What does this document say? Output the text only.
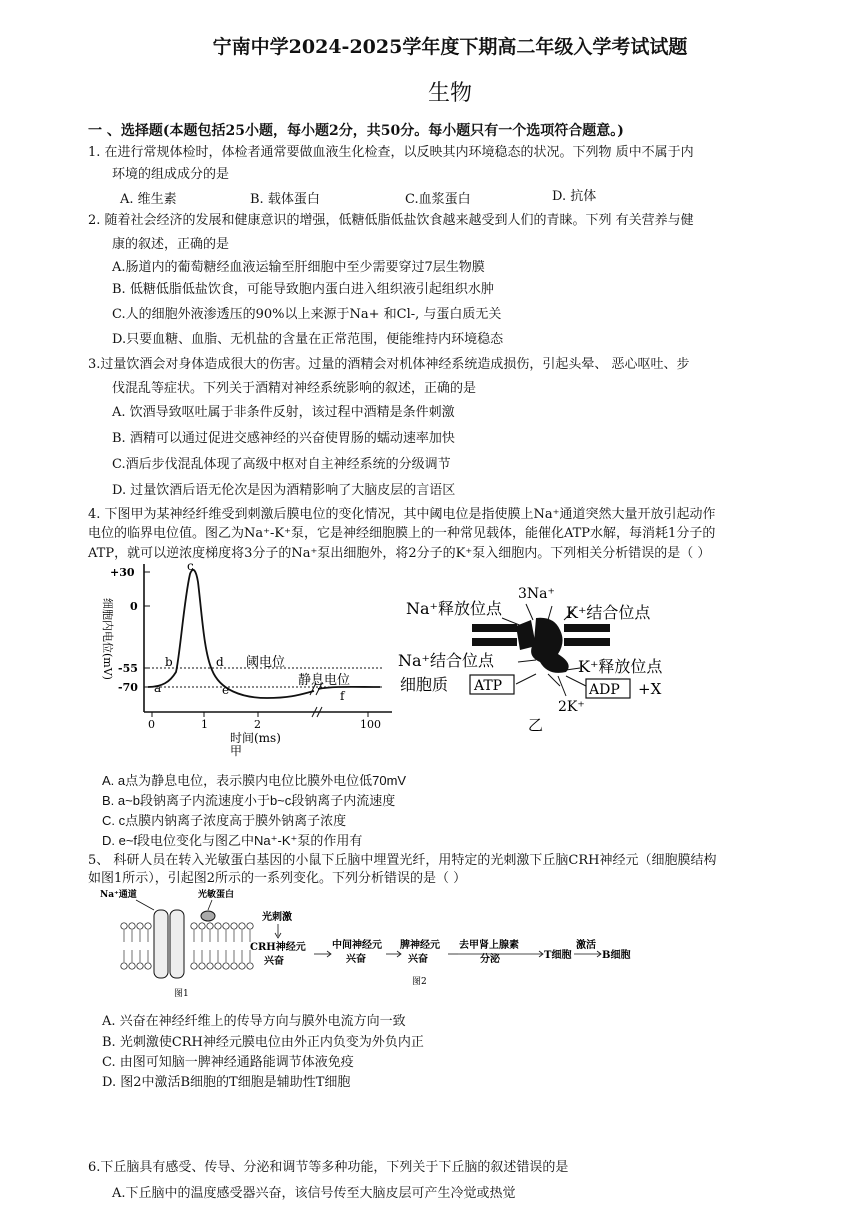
宁南中学2024-2025学年度下期高二年级入学考试试题
生物
一 、选择题(本题包括25小题，每小题2分，共50分。每小题只有一个选项符合题意。)
1. 在进行常规体检时，体检者通常要做血液生化检查，以反映其内环境稳态的状况。下列物 质中不属于内
环境的组成成分的是
A. 维生素	B. 载体蛋白	C.血浆蛋白	D. 抗体
2. 随着社会经济的发展和健康意识的增强，低糖低脂低盐饮食越来越受到人们的青睐。下列 有关营养与健
康的叙述，正确的是
A.肠道内的葡萄糖经血液运输至肝细胞中至少需要穿过7层生物膜
B. 低糖低脂低盐饮食，可能导致胞内蛋白进入组织液引起组织水肿
C.人的细胞外液渗透压的90%以上来源于Na+ 和Cl-, 与蛋白质无关
D.只要血糖、血脂、无机盐的含量在正常范围，便能维持内环境稳态
3.过量饮酒会对身体造成很大的伤害。过量的酒精会对机体神经系统造成损伤，引起头晕、 恶心呕吐、步
伐混乱等症状。下列关于酒精对神经系统影响的叙述，正确的是
A. 饮酒导致呕吐属于非条件反射，该过程中酒精是条件刺激
B. 酒精可以通过促进交感神经的兴奋使胃肠的蠕动速率加快
C.酒后步伐混乱体现了高级中枢对自主神经系统的分级调节
D. 过量饮酒后语无伦次是因为酒精影响了大脑皮层的言语区
4. 下图甲为某神经纤维受到刺激后膜电位的变化情况，其中阈电位是指使膜上Na⁺通道突然大量开放引起动作
电位的临界电位值。图乙为Na⁺-K⁺泵，它是神经细胞膜上的一种常见载体，能催化ATP水解，每消耗1分子的
ATP，就可以逆浓度梯度将3分子的Na⁺泵出细胞外，将2分子的K⁺泵入细胞内。下列相关分析错误的是（ ）
细胞内电位(mV)
+30
0
-55
-70 a
b
c
d
e	f
阈电位
静息电位
0	1	2	100
时间(ms)
甲
3Na⁺
Na⁺释放位点	K⁺结合位点
Na⁺结合位点	K⁺释放位点
细胞质 ATP	ADP +X
2K⁺
乙
A. a点为静息电位，表示膜内电位比膜外电位低70mV
B. a~b段钠离子内流速度小于b~c段钠离子内流速度
C. c点膜内钠离子浓度高于膜外钠离子浓度
D. e~f段电位变化与图乙中Na⁺-K⁺泵的作用有
5、 科研人员在转入光敏蛋白基因的小鼠下丘脑中埋置光纤，用特定的光刺激下丘脑CRH神经元（细胞膜结构
如图1所示），引起图2所示的一系列变化。下列分析错误的是（ ）
Na⁺通道	光敏蛋白
图1
光刺激
CRH神经元
兴奋
中间神经元
兴奋
脾神经元
兴奋
去甲肾上腺素
分泌	T细胞
激活
B细胞
图2
A. 兴奋在神经纤维上的传导方向与膜外电流方向一致
B. 光刺激使CRH神经元膜电位由外正内负变为外负内正
C. 由图可知脑一脾神经通路能调节体液免疫
D. 图2中激活B细胞的T细胞是辅助性T细胞
6.下丘脑具有感受、传导、分泌和调节等多种功能，下列关于下丘脑的叙述错误的是
A.下丘脑中的温度感受器兴奋，该信号传至大脑皮层可产生冷觉或热觉
